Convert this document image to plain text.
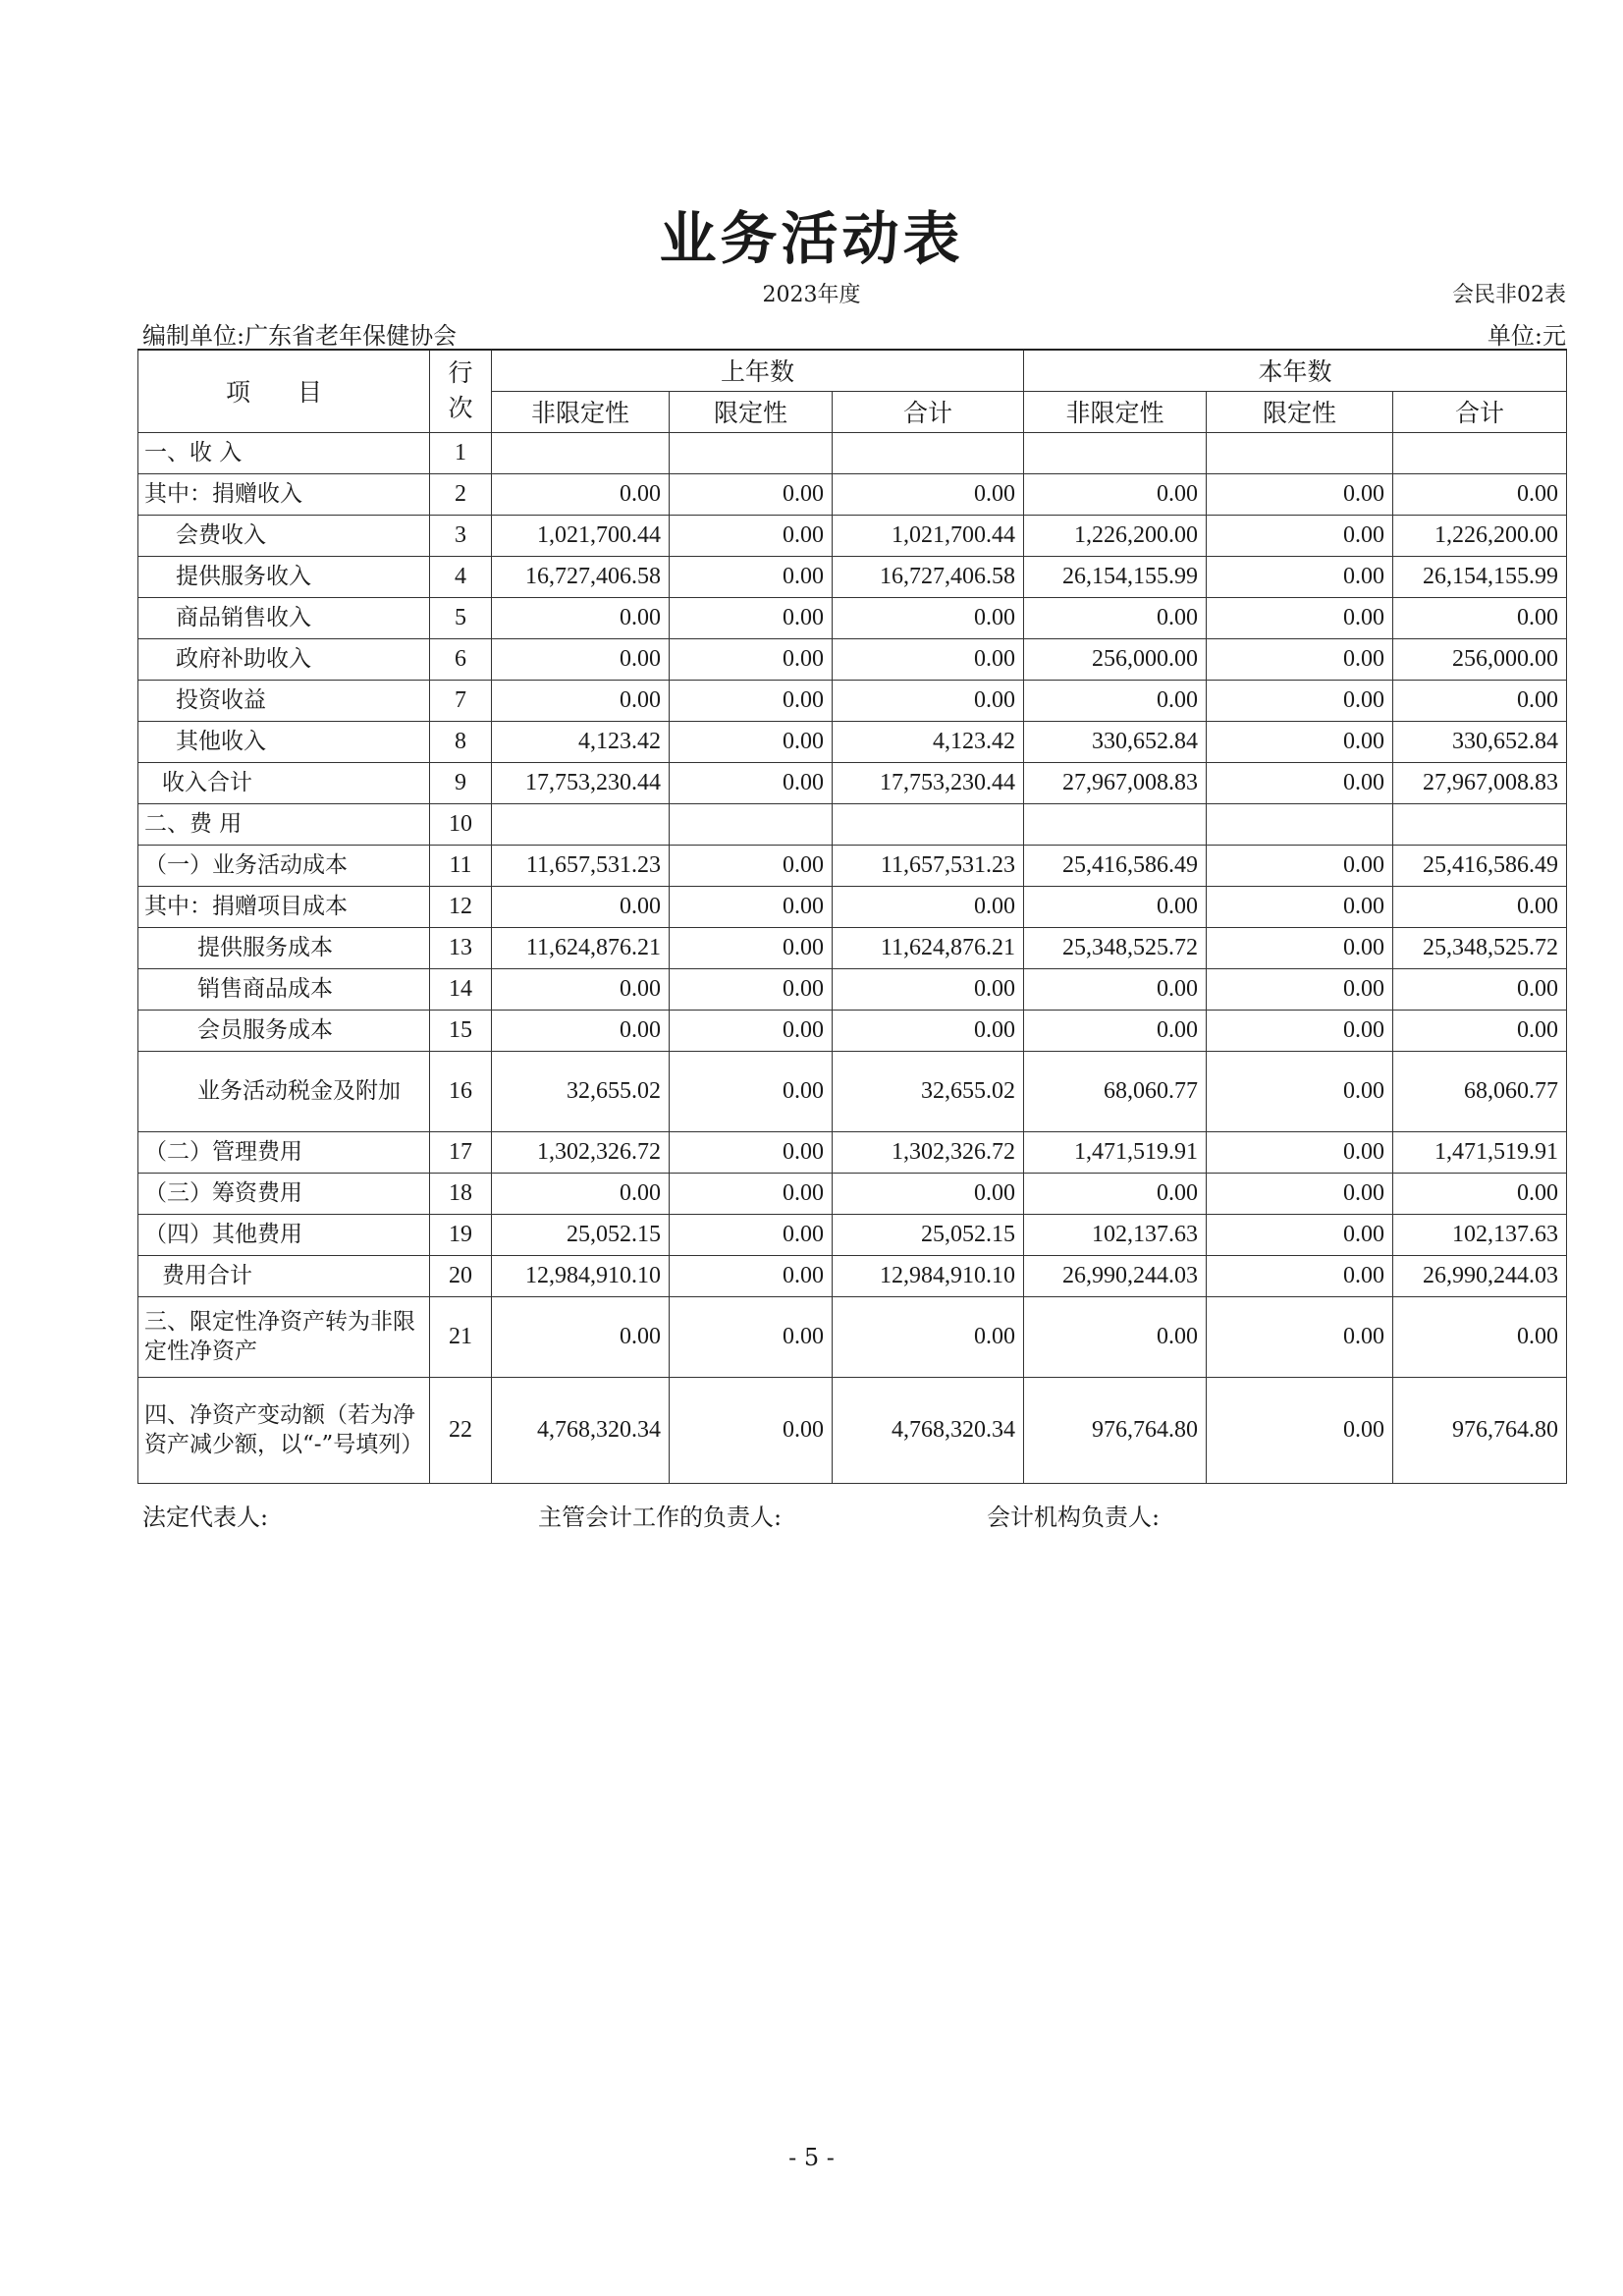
业务活动表
2023年度	会民非02表
编制单位:广东省老年保健协会	单位:元
项 目	行次	上年数			本年数		
		非限定性	限定性	合计	非限定性	限定性	合计
一、收 入	1						
其中：捐赠收入	2	0.00	0.00	0.00	0.00	0.00	0.00
会费收入	3	1,021,700.44	0.00	1,021,700.44	1,226,200.00	0.00	1,226,200.00
提供服务收入	4	16,727,406.58	0.00	16,727,406.58	26,154,155.99	0.00	26,154,155.99
商品销售收入	5	0.00	0.00	0.00	0.00	0.00	0.00
政府补助收入	6	0.00	0.00	0.00	256,000.00	0.00	256,000.00
投资收益	7	0.00	0.00	0.00	0.00	0.00	0.00
其他收入	8	4,123.42	0.00	4,123.42	330,652.84	0.00	330,652.84
收入合计	9	17,753,230.44	0.00	17,753,230.44	27,967,008.83	0.00	27,967,008.83
二、费 用	10						
（一）业务活动成本	11	11,657,531.23	0.00	11,657,531.23	25,416,586.49	0.00	25,416,586.49
其中：捐赠项目成本	12	0.00	0.00	0.00	0.00	0.00	0.00
提供服务成本	13	11,624,876.21	0.00	11,624,876.21	25,348,525.72	0.00	25,348,525.72
销售商品成本	14	0.00	0.00	0.00	0.00	0.00	0.00
会员服务成本	15	0.00	0.00	0.00	0.00	0.00	0.00
业务活动税金及附加	16	32,655.02	0.00	32,655.02	68,060.77	0.00	68,060.77
（二）管理费用	17	1,302,326.72	0.00	1,302,326.72	1,471,519.91	0.00	1,471,519.91
（三）筹资费用	18	0.00	0.00	0.00	0.00	0.00	0.00
（四）其他费用	19	25,052.15	0.00	25,052.15	102,137.63	0.00	102,137.63
费用合计	20	12,984,910.10	0.00	12,984,910.10	26,990,244.03	0.00	26,990,244.03
三、限定性净资产转为非限定性净资产	21	0.00	0.00	0.00	0.00	0.00	0.00
四、净资产变动额（若为净资产减少额，以“-”号填列）	22	4,768,320.34	0.00	4,768,320.34	976,764.80	0.00	976,764.80
法定代表人:	主管会计工作的负责人:	会计机构负责人:
- 5 -
